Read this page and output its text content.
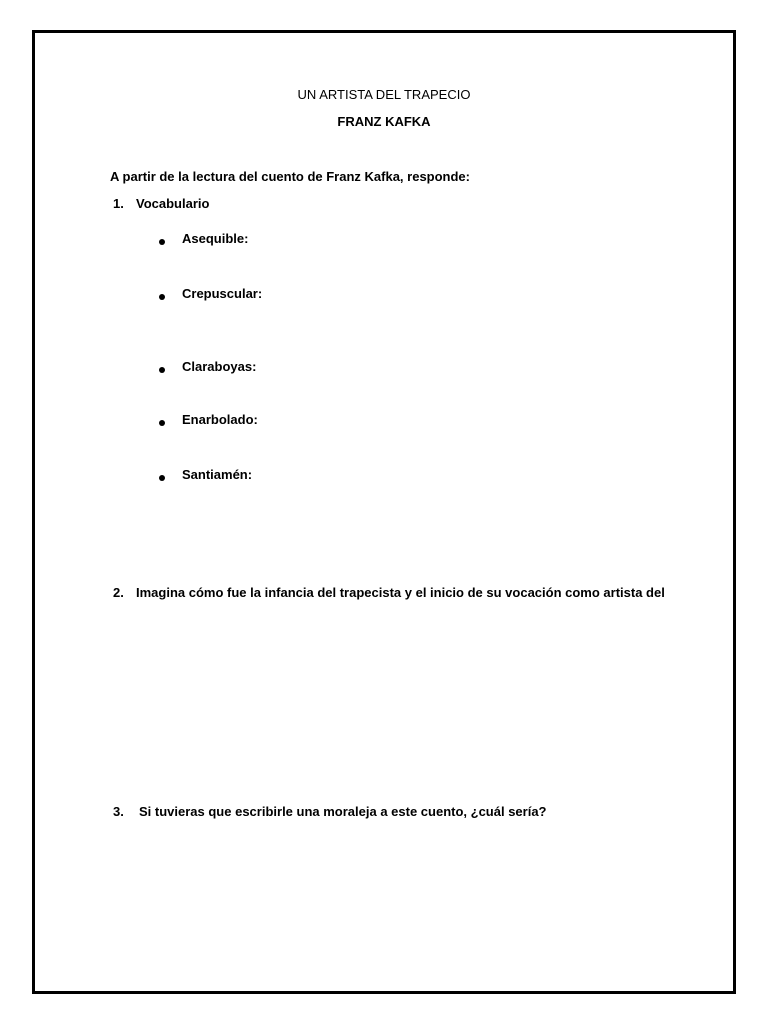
UN ARTISTA DEL TRAPECIO
FRANZ KAFKA
A partir de la lectura del cuento de Franz Kafka, responde:
1. Vocabulario
Asequible:
Crepuscular:
Claraboyas:
Enarbolado:
Santiamén:
2. Imagina cómo fue la infancia del trapecista y el inicio de su vocación como artista del
3. Si tuvieras que escribirle una moraleja a este cuento, ¿cuál sería?
